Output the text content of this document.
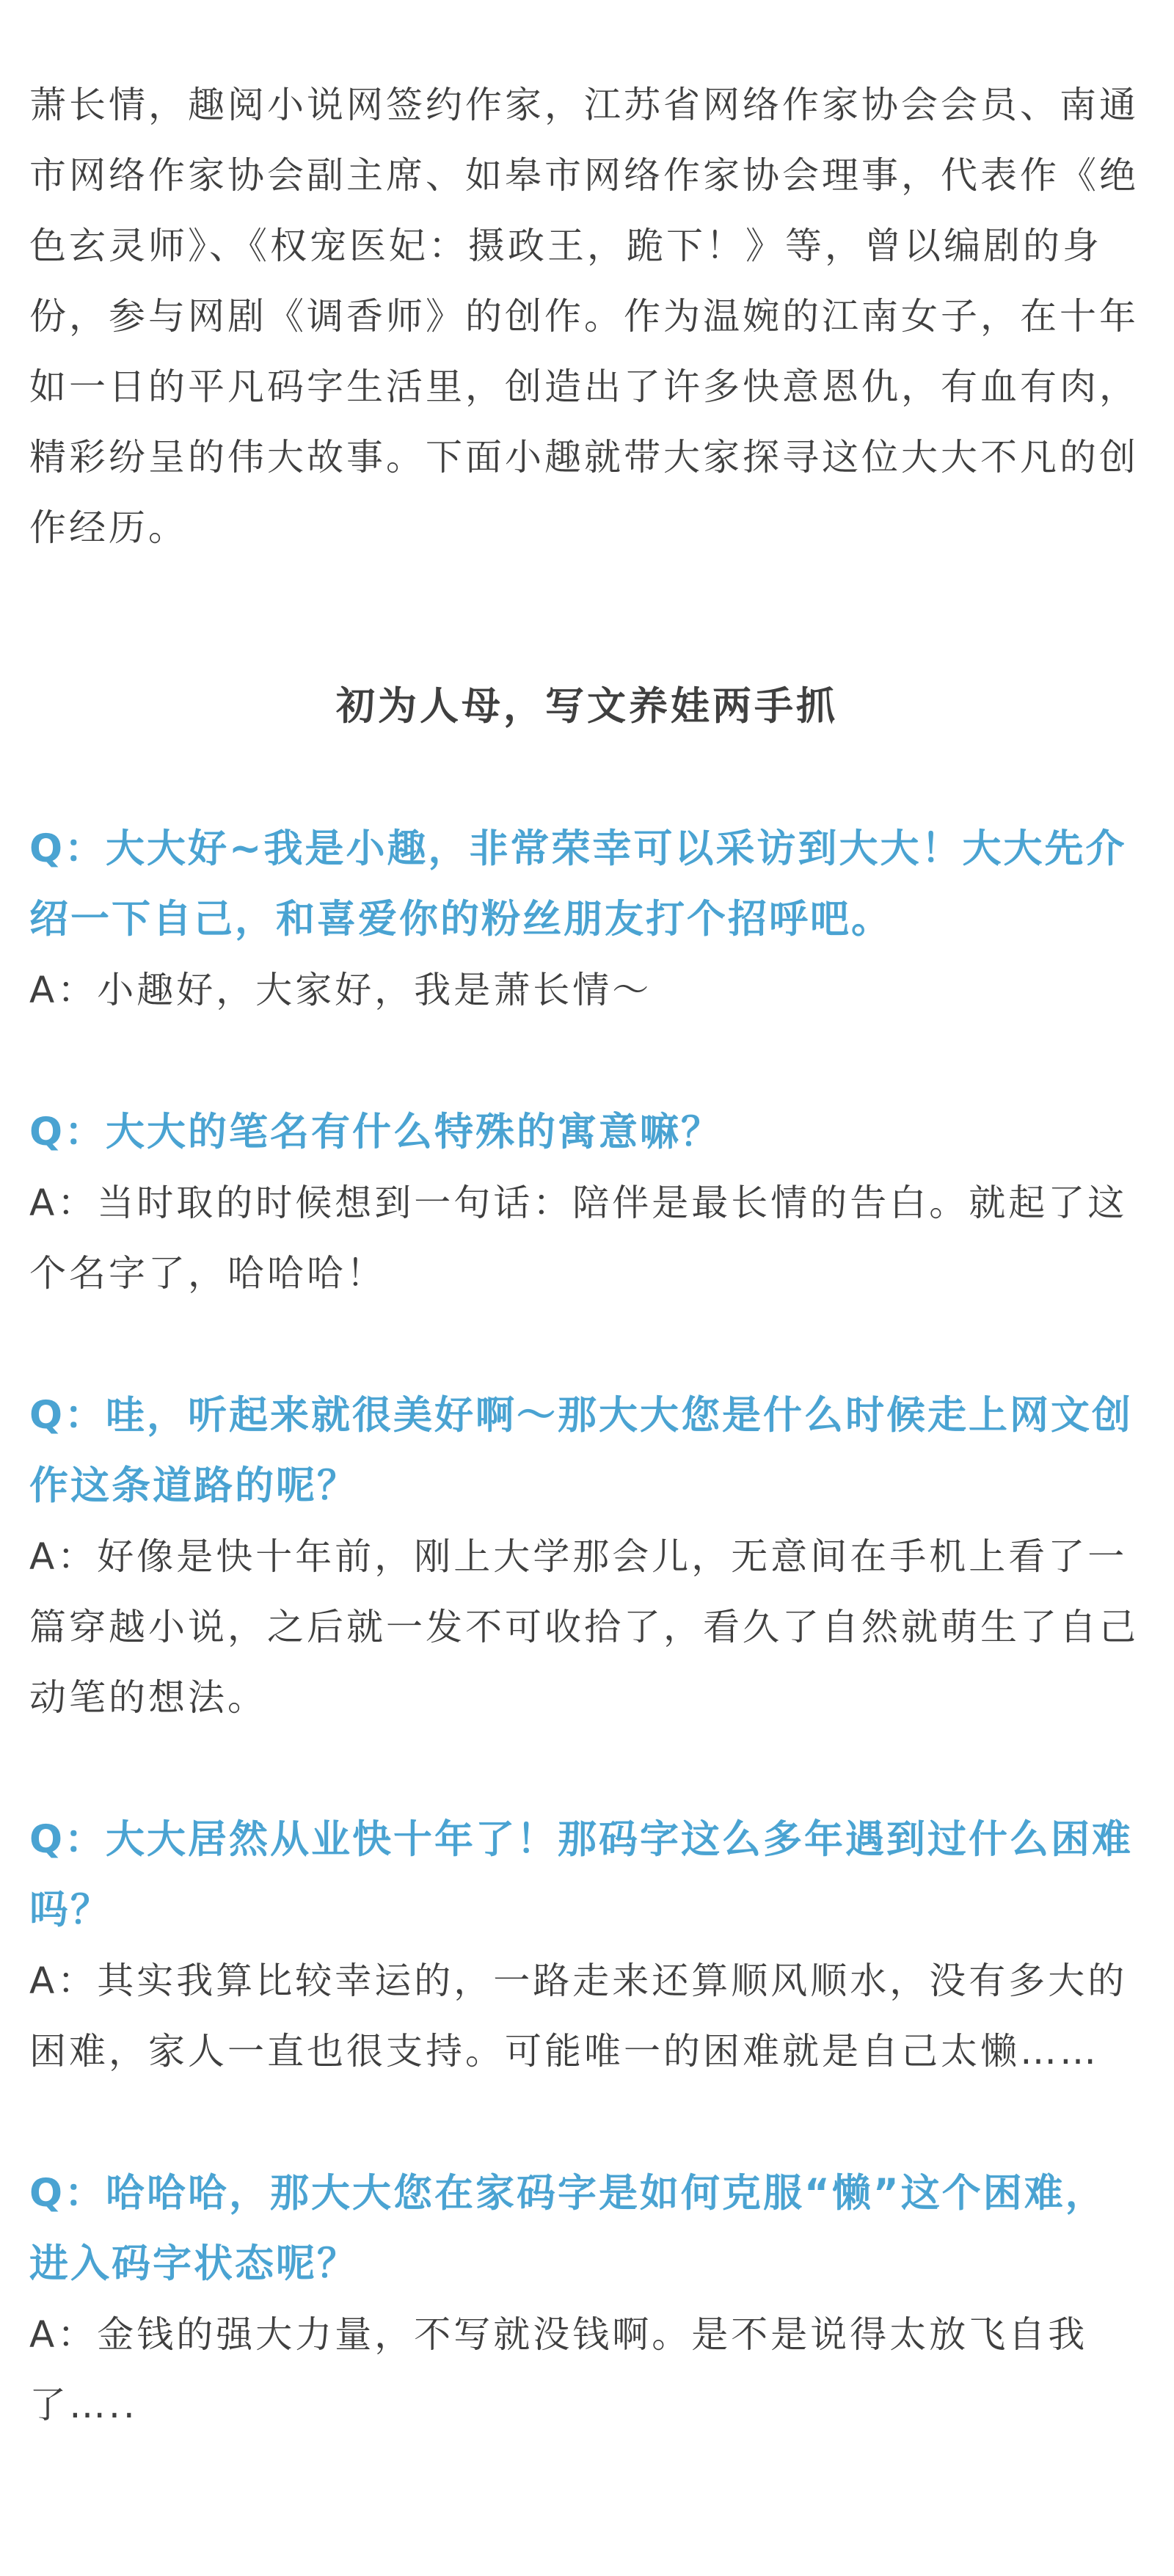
萧长情，趣阅小说网签约作家，江苏省网络作家协会会员、南通市网络作家协会副主席、如皋市网络作家协会理事，代表作《绝色玄灵师》、《权宠医妃：摄政王，跪下！》等，曾以编剧的身份，参与网剧《调香师》的创作。作为温婉的江南女子，在十年如一日的平凡码字生活里，创造出了许多快意恩仇，有血有肉，精彩纷呈的伟大故事。下面小趣就带大家探寻这位大大不凡的创作经历。

初为人母，写文养娃两手抓

Q：大大好~我是小趣，非常荣幸可以采访到大大！大大先介绍一下自己，和喜爱你的粉丝朋友打个招呼吧。

A：小趣好，大家好，我是萧长情～

Q：大大的笔名有什么特殊的寓意嘛？

A：当时取的时候想到一句话：陪伴是最长情的告白。就起了这个名字了，哈哈哈！

Q：哇，听起来就很美好啊～那大大您是什么时候走上网文创作这条道路的呢？

A：好像是快十年前，刚上大学那会儿，无意间在手机上看了一篇穿越小说，之后就一发不可收拾了，看久了自然就萌生了自己动笔的想法。

Q：大大居然从业快十年了！那码字这么多年遇到过什么困难吗？

A：其实我算比较幸运的，一路走来还算顺风顺水，没有多大的困难，家人一直也很支持。可能唯一的困难就是自己太懒……

Q：哈哈哈，那大大您在家码字是如何克服“懒”这个困难，进入码字状态呢？

A：金钱的强大力量，不写就没钱啊。是不是说得太放飞自我了…..
